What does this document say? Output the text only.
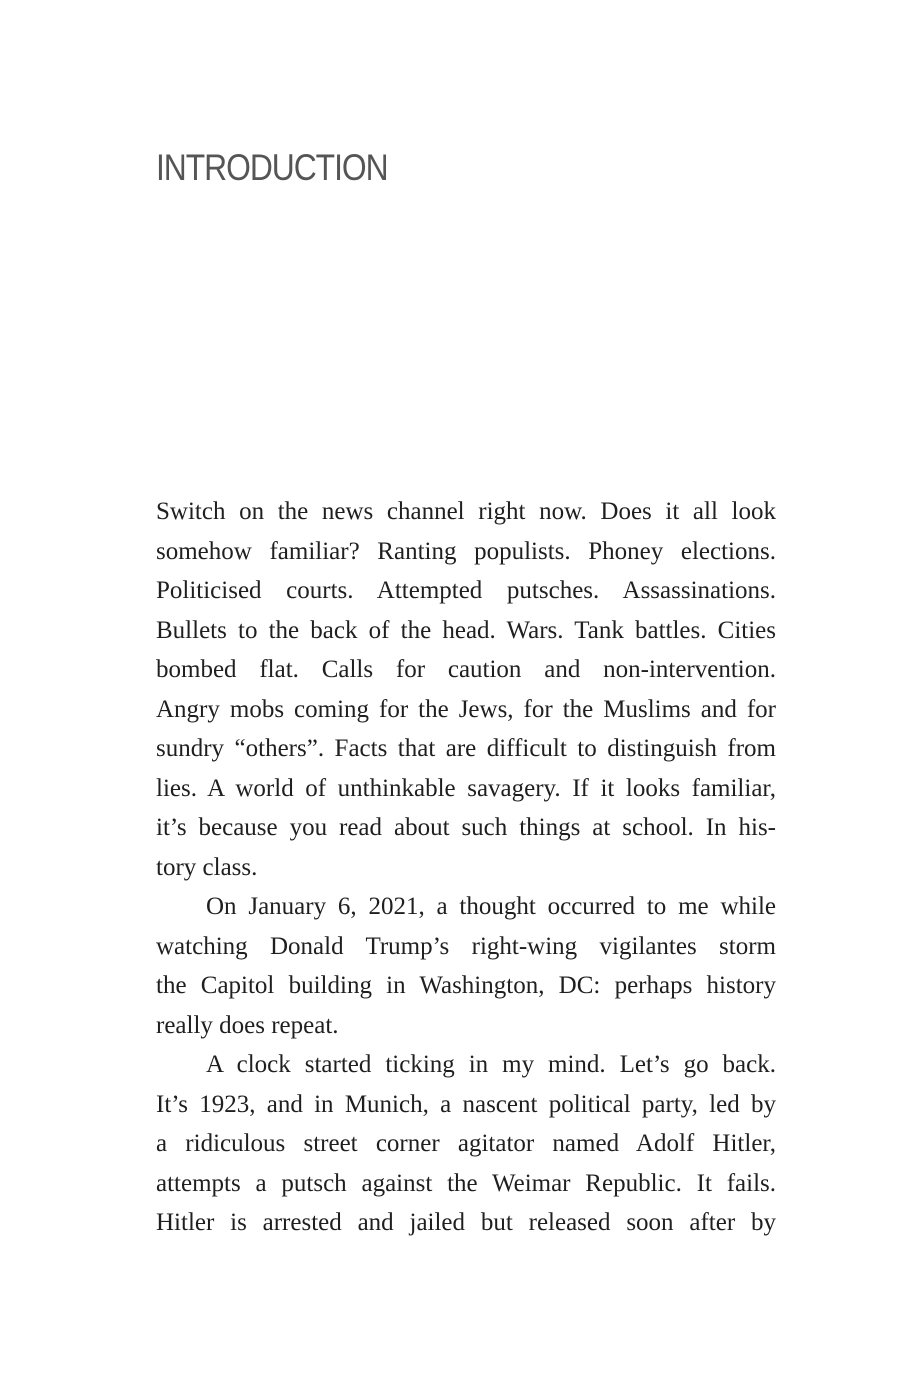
INTRODUCTION
Switch on the news channel right now. Does it all look
somehow familiar? Ranting populists. Phoney elections.
Politicised courts. Attempted putsches. Assassinations.
Bullets to the back of the head. Wars. Tank battles. Cities
bombed flat. Calls for caution and non-intervention.
Angry mobs coming for the Jews, for the Muslims and for
sundry “others”. Facts that are difficult to distinguish from
lies. A world of unthinkable savagery. If it looks familiar,
it’s because you read about such things at school. In his-
tory class.
On January 6, 2021, a thought occurred to me while
watching Donald Trump’s right-wing vigilantes storm
the Capitol building in Washington, DC: perhaps history
really does repeat.
A clock started ticking in my mind. Let’s go back.
It’s 1923, and in Munich, a nascent political party, led by
a ridiculous street corner agitator named Adolf Hitler,
attempts a putsch against the Weimar Republic. It fails.
Hitler is arrested and jailed but released soon after by
